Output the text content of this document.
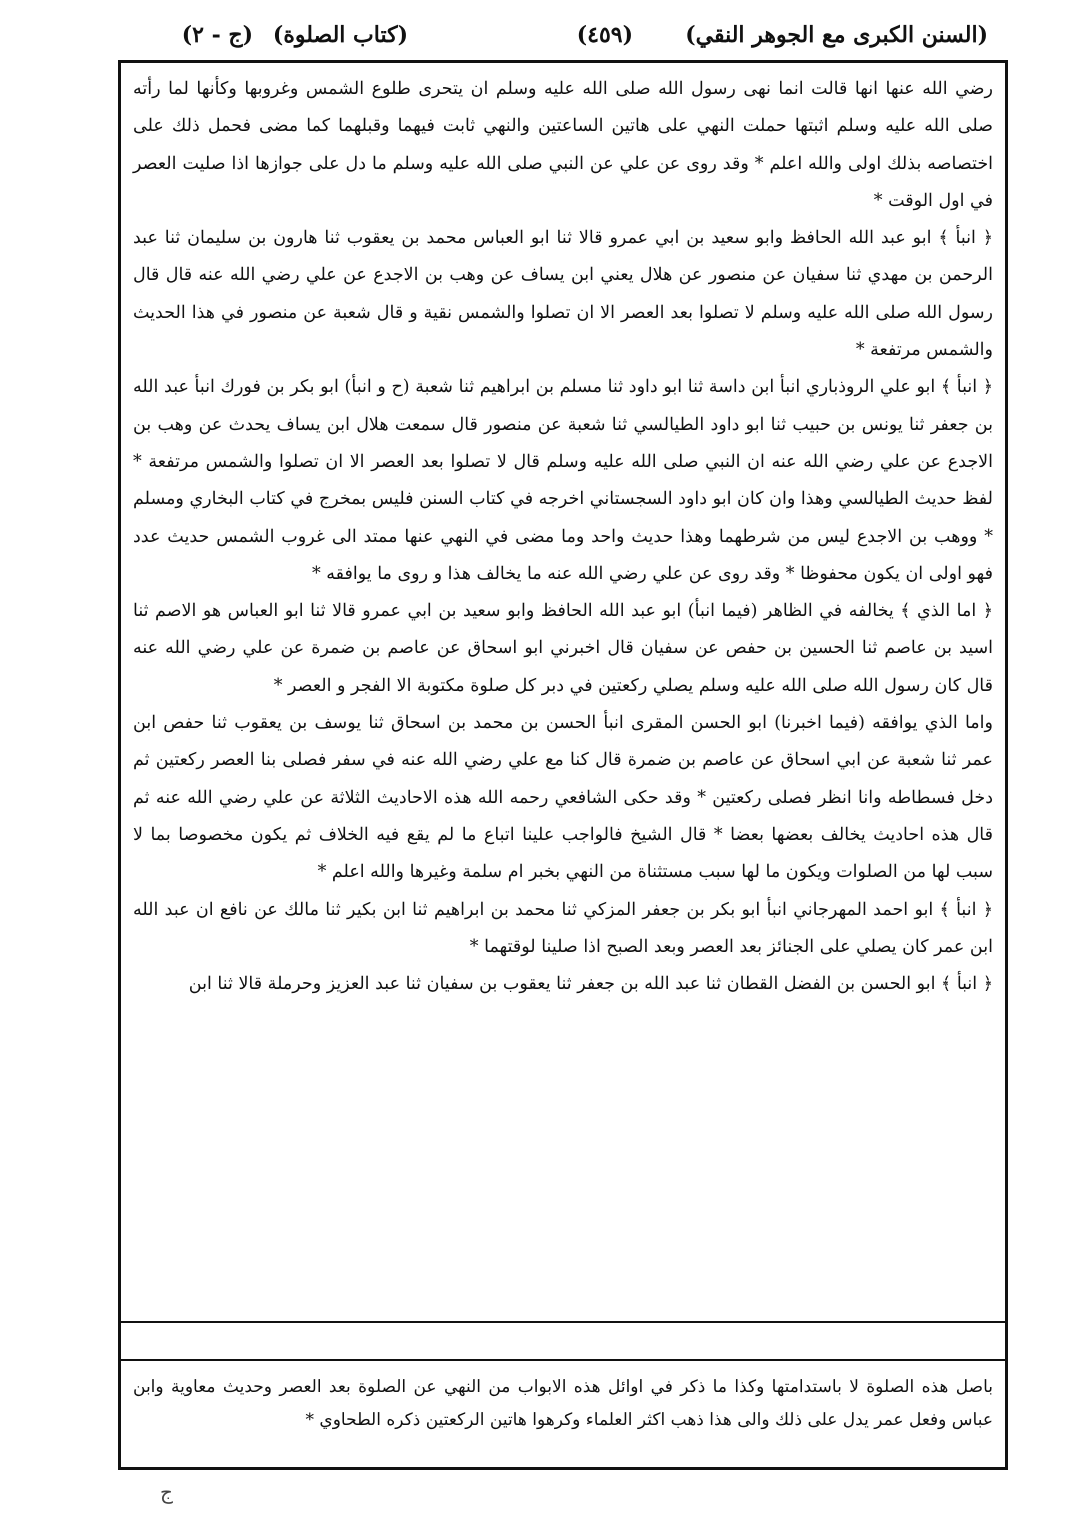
(السنن الكبرى مع الجوهر النقي)
(٤٥٩)
(كتاب الصلوة)
(ج - ٢)

رضي الله عنها انها قالت انما نهى رسول الله صلى الله عليه وسلم ان يتحرى طلوع الشمس وغروبها وكأنها لما رأته صلى الله عليه وسلم اثبتها حملت النهي على هاتين الساعتين والنهي ثابت فيهما وقبلهما كما مضى فحمل ذلك على اختصاصه بذلك اولى والله اعلم * وقد روى عن علي عن النبي صلى الله عليه وسلم ما دل على جوازها اذا صليت العصر في اول الوقت *

﴿ انبأ ﴾ ابو عبد الله الحافظ وابو سعيد بن ابي عمرو قالا ثنا ابو العباس محمد بن يعقوب ثنا هارون بن سليمان ثنا عبد الرحمن بن مهدي ثنا سفيان عن منصور عن هلال يعني ابن يساف عن وهب بن الاجدع عن علي رضي الله عنه قال قال رسول الله صلى الله عليه وسلم لا تصلوا بعد العصر الا ان تصلوا والشمس نقية و قال شعبة عن منصور في هذا الحديث والشمس مرتفعة *

﴿ انبأ ﴾ ابو علي الروذباري انبأ ابن داسة ثنا ابو داود ثنا مسلم بن ابراهيم ثنا شعبة (ح و انبأ) ابو بكر بن فورك انبأ عبد الله بن جعفر ثنا يونس بن حبيب ثنا ابو داود الطيالسي ثنا شعبة عن منصور قال سمعت هلال ابن يساف يحدث عن وهب بن الاجدع عن علي رضي الله عنه ان النبي صلى الله عليه وسلم قال لا تصلوا بعد العصر الا ان تصلوا والشمس مرتفعة * لفظ حديث الطيالسي وهذا وان كان ابو داود السجستاني اخرجه في كتاب السنن فليس بمخرج في كتاب البخاري ومسلم * ووهب بن الاجدع ليس من شرطهما وهذا حديث واحد وما مضى في النهي عنها ممتد الى غروب الشمس حديث عدد فهو اولى ان يكون محفوظا * وقد روى عن علي رضي الله عنه ما يخالف هذا و روى ما يوافقه *

﴿ اما الذي ﴾ يخالفه في الظاهر (فيما انبأ) ابو عبد الله الحافظ وابو سعيد بن ابي عمرو قالا ثنا ابو العباس هو الاصم ثنا اسيد بن عاصم ثنا الحسين بن حفص عن سفيان قال اخبرني ابو اسحاق عن عاصم بن ضمرة عن علي رضي الله عنه قال كان رسول الله صلى الله عليه وسلم يصلي ركعتين في دبر كل صلوة مكتوبة الا الفجر و العصر *

واما الذي يوافقه (فيما اخبرنا) ابو الحسن المقرى انبأ الحسن بن محمد بن اسحاق ثنا يوسف بن يعقوب ثنا حفص ابن عمر ثنا شعبة عن ابي اسحاق عن عاصم بن ضمرة قال كنا مع علي رضي الله عنه في سفر فصلى بنا العصر ركعتين ثم دخل فسطاطه وانا انظر فصلى ركعتين * وقد حكى الشافعي رحمه الله هذه الاحاديث الثلاثة عن علي رضي الله عنه ثم قال هذه احاديث يخالف بعضها بعضا * قال الشيخ فالواجب علينا اتباع ما لم يقع فيه الخلاف ثم يكون مخصوصا بما لا سبب لها من الصلوات ويكون ما لها سبب مستثناة من النهي بخبر ام سلمة وغيرها والله اعلم *

﴿ انبأ ﴾ ابو احمد المهرجاني انبأ ابو بكر بن جعفر المزكي ثنا محمد بن ابراهيم ثنا ابن بكير ثنا مالك عن نافع ان عبد الله ابن عمر كان يصلي على الجنائز بعد العصر وبعد الصبح اذا صلينا لوقتهما *

﴿ انبأ ﴾ ابو الحسن بن الفضل القطان ثنا عبد الله بن جعفر ثنا يعقوب بن سفيان ثنا عبد العزيز وحرملة قالا ثنا ابن

باصل هذه الصلوة لا باستدامتها وكذا ما ذكر في اوائل هذه الابواب من النهي عن الصلوة بعد العصر وحديث معاوية وابن عباس وفعل عمر يدل على ذلك والى هذا ذهب اكثر العلماء وكرهوا هاتين الركعتين ذكره الطحاوي *

ج
